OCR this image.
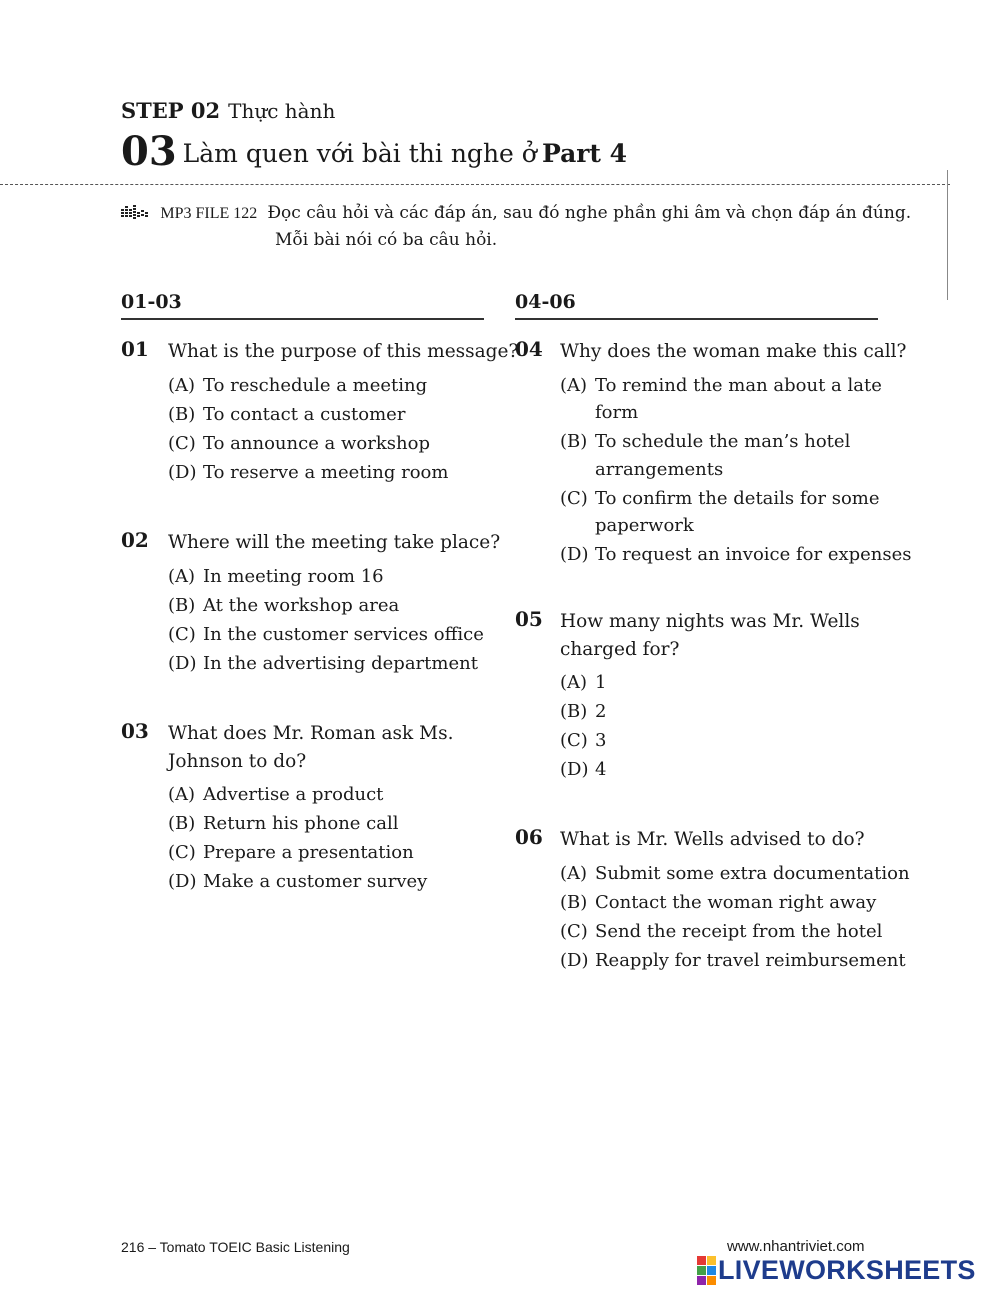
STEP 02 Thực hành
03 Làm quen với bài thi nghe ở Part 4
MP3 FILE 122 Đọc câu hỏi và các đáp án, sau đó nghe phần ghi âm và chọn đáp án đúng.
Mỗi bài nói có ba câu hỏi.
01-03
01 What is the purpose of this message?
(A) To reschedule a meeting
(B) To contact a customer
(C) To announce a workshop
(D) To reserve a meeting room
02 Where will the meeting take place?
(A) In meeting room 16
(B) At the workshop area
(C) In the customer services office
(D) In the advertising department
03 What does Mr. Roman ask Ms.
Johnson to do?
(A) Advertise a product
(B) Return his phone call
(C) Prepare a presentation
(D) Make a customer survey
04-06
04 Why does the woman make this call?
(A) To remind the man about a late
form
(B) To schedule the man’s hotel
arrangements
(C) To confirm the details for some
paperwork
(D) To request an invoice for expenses
05 How many nights was Mr. Wells
charged for?
(A) 1
(B) 2
(C) 3
(D) 4
06 What is Mr. Wells advised to do?
(A) Submit some extra documentation
(B) Contact the woman right away
(C) Send the receipt from the hotel
(D) Reapply for travel reimbursement
216 – Tomato TOEIC Basic Listening	www.nhantriviet.com
LIVEWORKSHEETS
